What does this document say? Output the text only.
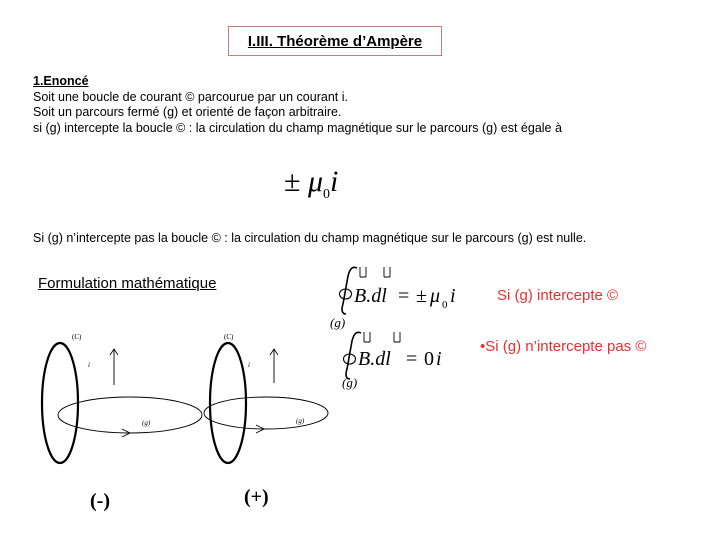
I.III. Théorème d’Ampère
1.Enoncé
Soit une boucle de courant © parcourue par un courant i.
Soit un parcours fermé (g) et orienté de façon arbitraire.
si (g) intercepte la boucle © : la circulation du champ magnétique sur le parcours (g) est égale à
± $\mu_0i$
Si (g) n’intercepte pas la boucle © : la circulation du champ magnétique sur le parcours (g) est nulle.
Formulation mathématique
B.dl = ± μ 0 i
(g)
Si (g) intercepte ©
B.dl = 0 i
(g)
•Si (g) n’intercepte pas ©
(C)
i
(g)
(-)
(C)
i
(g)
(+)
